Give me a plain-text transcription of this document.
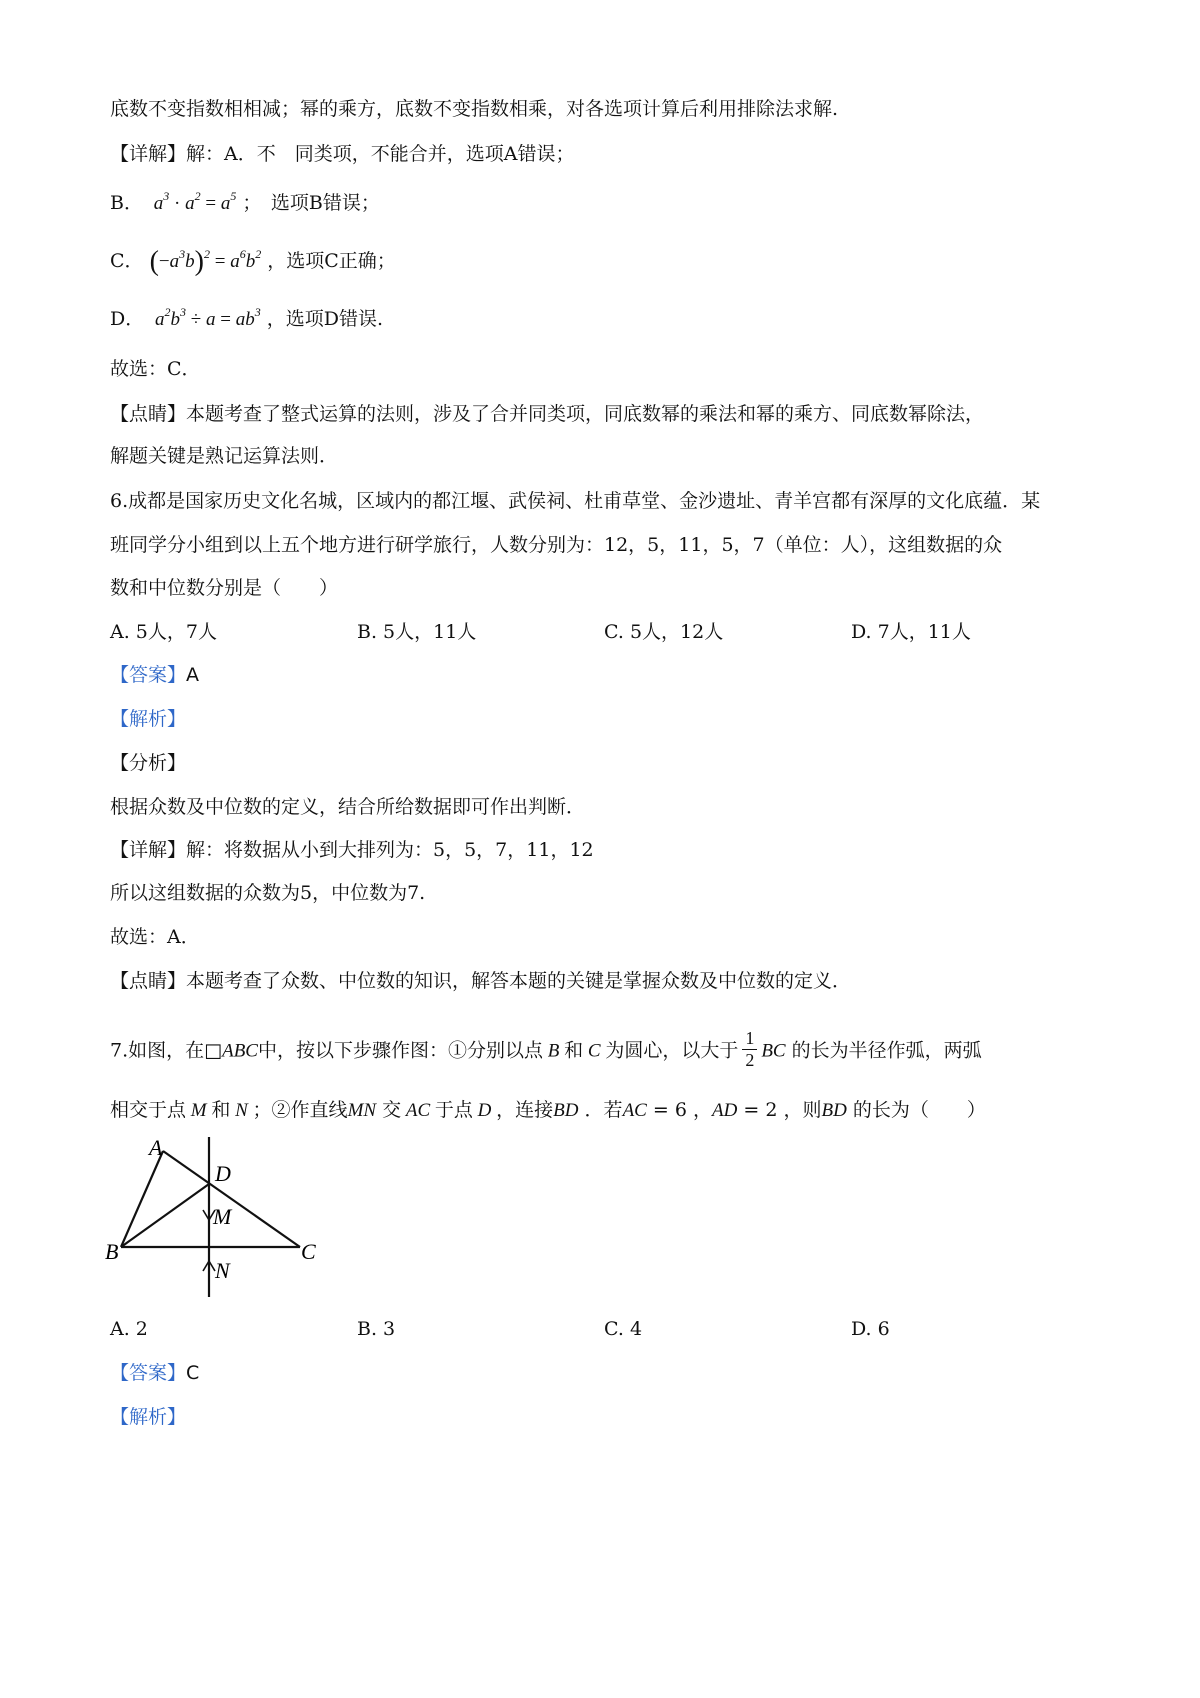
底数不变指数相相减；幂的乘方，底数不变指数相乘，对各选项计算后利用排除法求解.
【详解】解：A．不　同类项，不能合并，选项A错误；
B．  $a^3 \cdot a^2 = a^5$ ；　选项B错误；
C． $(-a^3b)^2 = a^6b^2$ ，选项C正确；
D．  $a^2b^3 \div a = ab^3$ ，选项D错误.
故选：C．
【点睛】本题考查了整式运算的法则，涉及了合并同类项，同底数幂的乘法和幂的乘方、同底数幂除法，
解题关键是熟记运算法则．
6.成都是国家历史文化名城，区域内的都江堰、武侯祠、杜甫草堂、金沙遗址、青羊宫都有深厚的文化底蕴．某
班同学分小组到以上五个地方进行研学旅行，人数分别为：12，5，11，5，7（单位：人），这组数据的众
数和中位数分别是（　　）
A. 5人，7人	B. 5人，11人	C. 5人，12人	D. 7人，11人
【答案】A
【解析】
【分析】
根据众数及中位数的定义，结合所给数据即可作出判断．
【详解】解：将数据从小到大排列为：5，5，7，11，12
所以这组数据的众数为5，中位数为7.
故选：A．
【点睛】本题考查了众数、中位数的知识，解答本题的关键是掌握众数及中位数的定义．
7.如图，在□ABC中，按以下步骤作图：①分别以点 B 和 C 为圆心，以大于 $\frac{1}{2}$ BC 的长为半径作弧，两弧
相交于点 M 和 N ；②作直线MN 交 AC 于点 D ，连接BD ．若AC = 6 ，AD = 2 ，则BD 的长为（　　）
A
D
M
B	C
N
A. 2	B. 3	C. 4	D. 6
【答案】C
【解析】
